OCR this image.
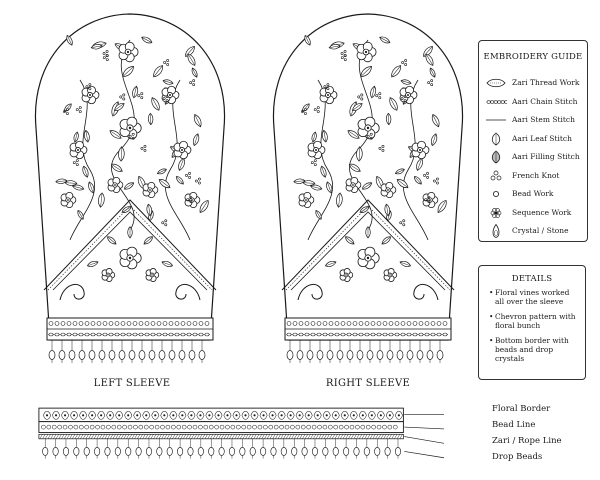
LEFT SLEEVE	RIGHT SLEEVE
EMBROIDERY GUIDE
Zari Thread Work
Aari Chain Stitch
Aari Stem Stitch
Aari Leaf Stitch
Aari Filling Stitch
French Knot
Bead Work
Sequence Work
Crystal / Stone
DETAILS
• Floral vines worked all over the sleeve
• Chevron pattern with floral bunch
• Bottom border with beads and drop crystals
Floral Border
Bead Line
Zari / Rope Line
Drop Beads
